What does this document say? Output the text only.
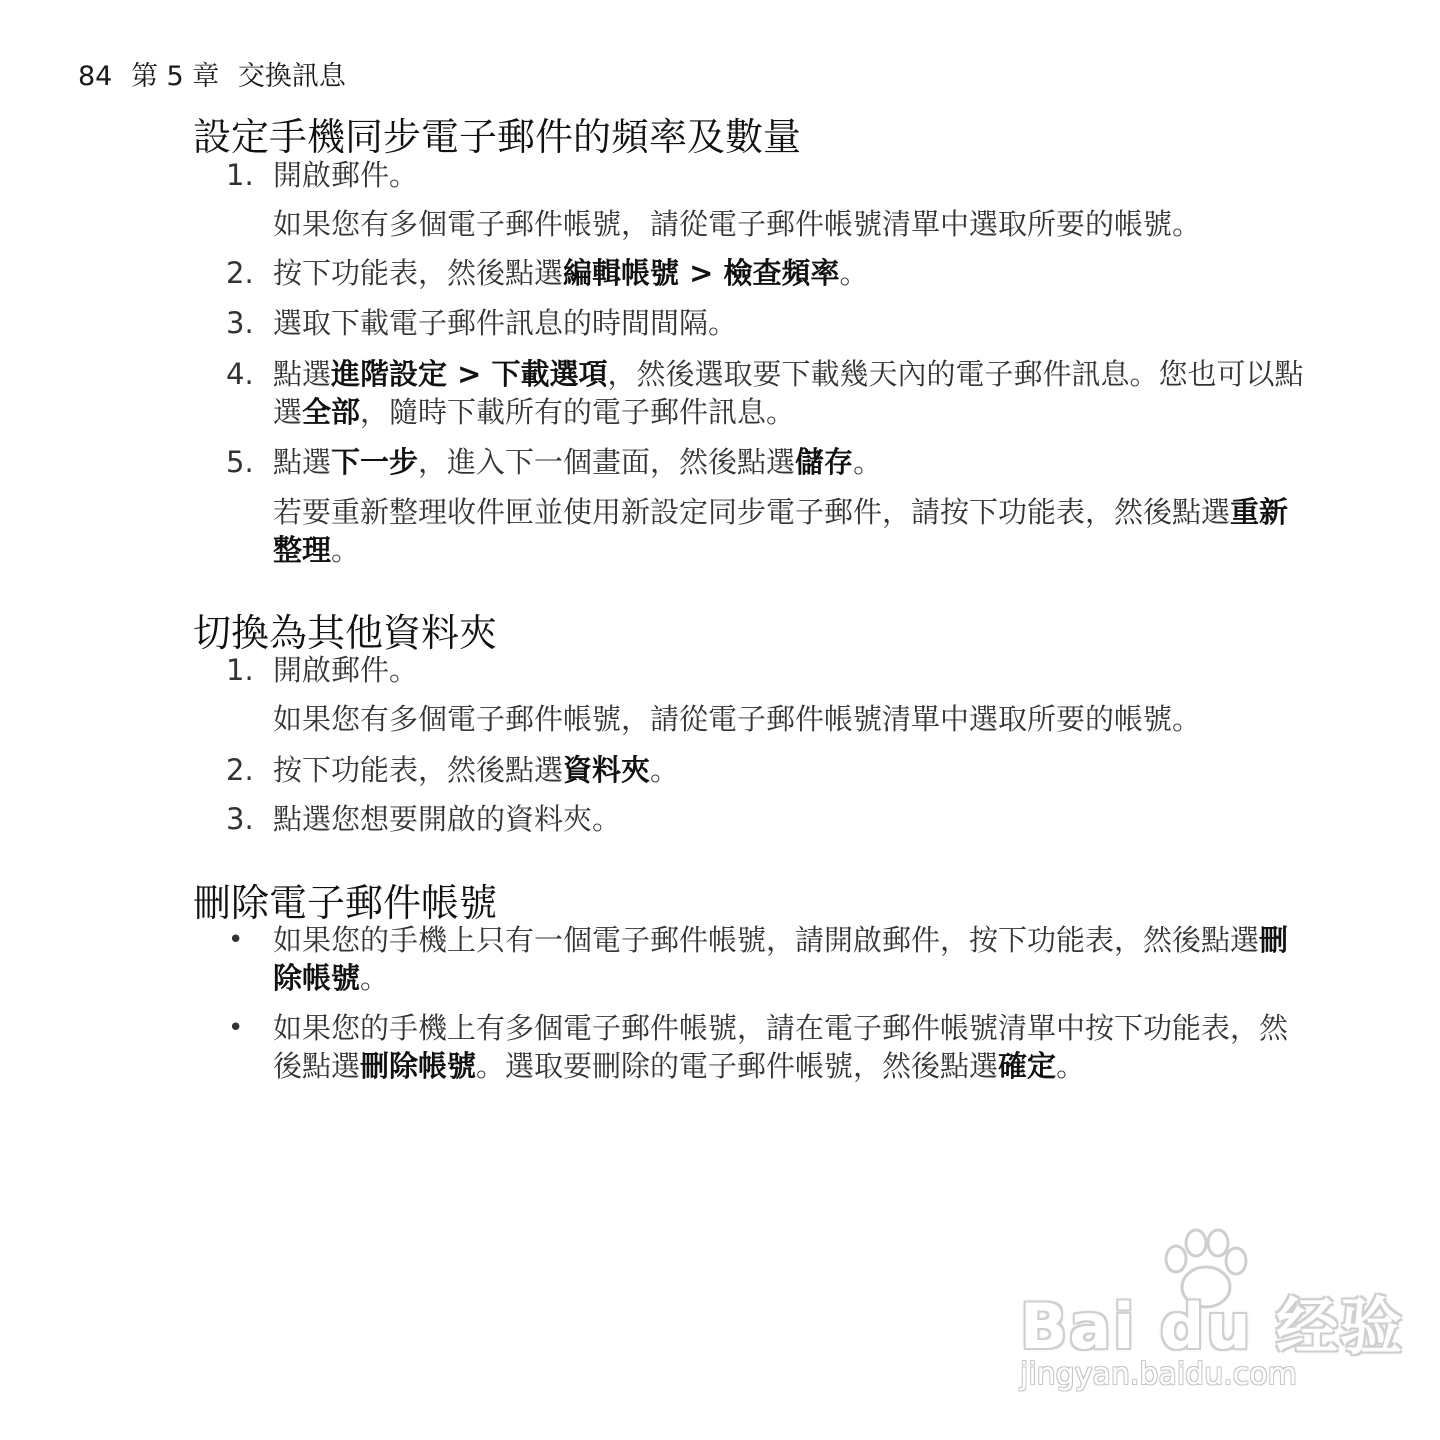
84 第 5 章 交換訊息
設定手機同步電子郵件的頻率及數量
1. 開啟郵件。
如果您有多個電子郵件帳號，請從電子郵件帳號清單中選取所要的帳號。
2. 按下功能表，然後點選編輯帳號 > 檢查頻率。
3. 選取下載電子郵件訊息的時間間隔。
4. 點選進階設定 > 下載選項，然後選取要下載幾天內的電子郵件訊息。您也可以點選全部，隨時下載所有的電子郵件訊息。
5. 點選下一步，進入下一個畫面，然後點選儲存。
若要重新整理收件匣並使用新設定同步電子郵件，請按下功能表，然後點選重新整理。
切換為其他資料夾
1. 開啟郵件。
如果您有多個電子郵件帳號，請從電子郵件帳號清單中選取所要的帳號。
2. 按下功能表，然後點選資料夾。
3. 點選您想要開啟的資料夾。
刪除電子郵件帳號
• 如果您的手機上只有一個電子郵件帳號，請開啟郵件，按下功能表，然後點選刪除帳號。
• 如果您的手機上有多個電子郵件帳號，請在電子郵件帳號清單中按下功能表，然後點選刪除帳號。選取要刪除的電子郵件帳號，然後點選確定。
Bai du 经验
jingyan.baidu.com
